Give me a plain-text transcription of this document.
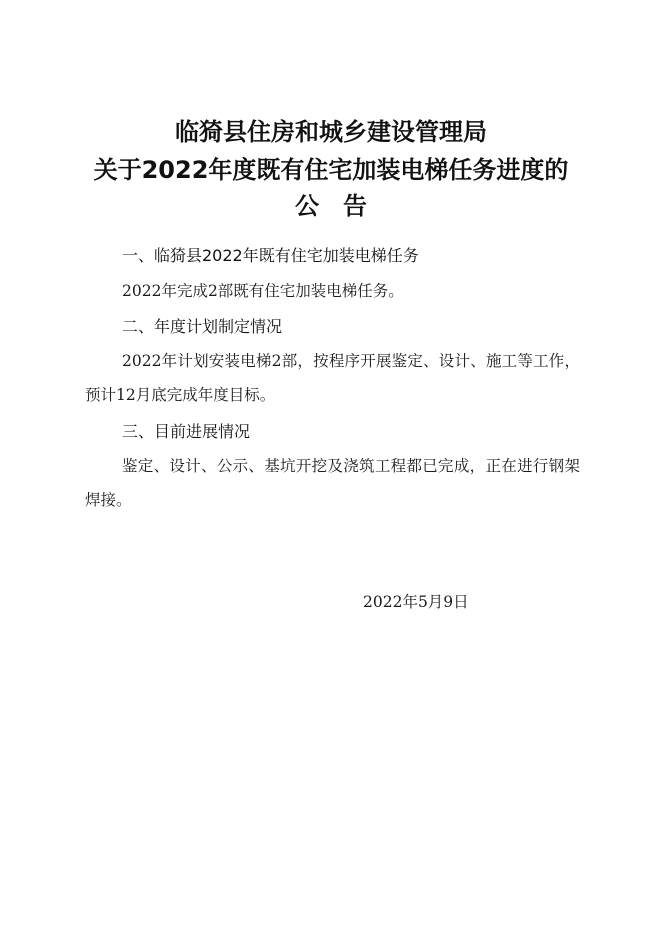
临猗县住房和城乡建设管理局
关于2022年度既有住宅加装电梯任务进度的
公告

一、临猗县2022年既有住宅加装电梯任务

2022年完成2部既有住宅加装电梯任务。

二、年度计划制定情况

2022年计划安装电梯2部，按程序开展鉴定、设计、施工等工作，预计12月底完成年度目标。

三、目前进展情况

鉴定、设计、公示、基坑开挖及浇筑工程都已完成，正在进行钢架焊接。

2022年5月9日
